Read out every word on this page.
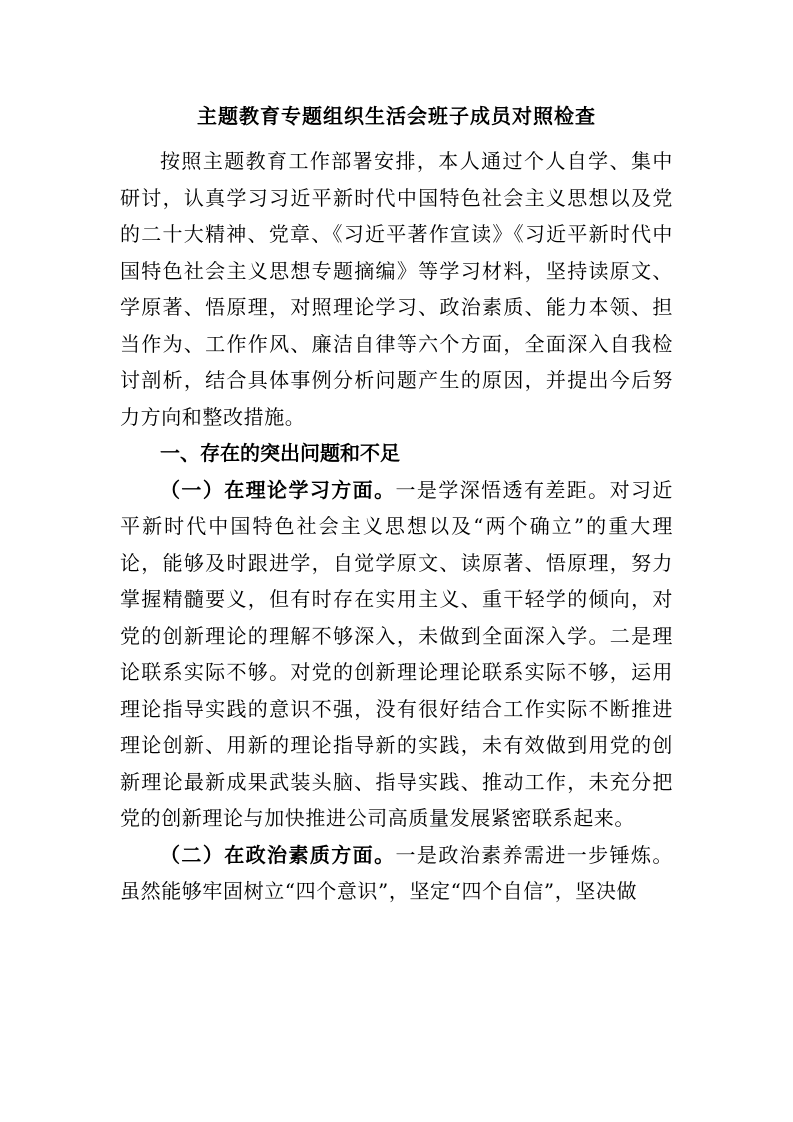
主题教育专题组织生活会班子成员对照检查

按照主题教育工作部署安排，本人通过个人自学、集中研讨，认真学习习近平新时代中国特色社会主义思想以及党的二十大精神、党章、《习近平著作宣读》《习近平新时代中国特色社会主义思想专题摘编》等学习材料，坚持读原文、学原著、悟原理，对照理论学习、政治素质、能力本领、担当作为、工作作风、廉洁自律等六个方面，全面深入自我检讨剖析，结合具体事例分析问题产生的原因，并提出今后努力方向和整改措施。

一、存在的突出问题和不足

（一）在理论学习方面。一是学深悟透有差距。对习近平新时代中国特色社会主义思想以及“两个确立”的重大理论，能够及时跟进学，自觉学原文、读原著、悟原理，努力掌握精髓要义，但有时存在实用主义、重干轻学的倾向，对党的创新理论的理解不够深入，未做到全面深入学。二是理论联系实际不够。对党的创新理论理论联系实际不够，运用理论指导实践的意识不强，没有很好结合工作实际不断推进理论创新、用新的理论指导新的实践，未有效做到用党的创新理论最新成果武装头脑、指导实践、推动工作，未充分把党的创新理论与加快推进公司高质量发展紧密联系起来。

（二）在政治素质方面。一是政治素养需进一步锤炼。虽然能够牢固树立“四个意识”，坚定“四个自信”，坚决做
